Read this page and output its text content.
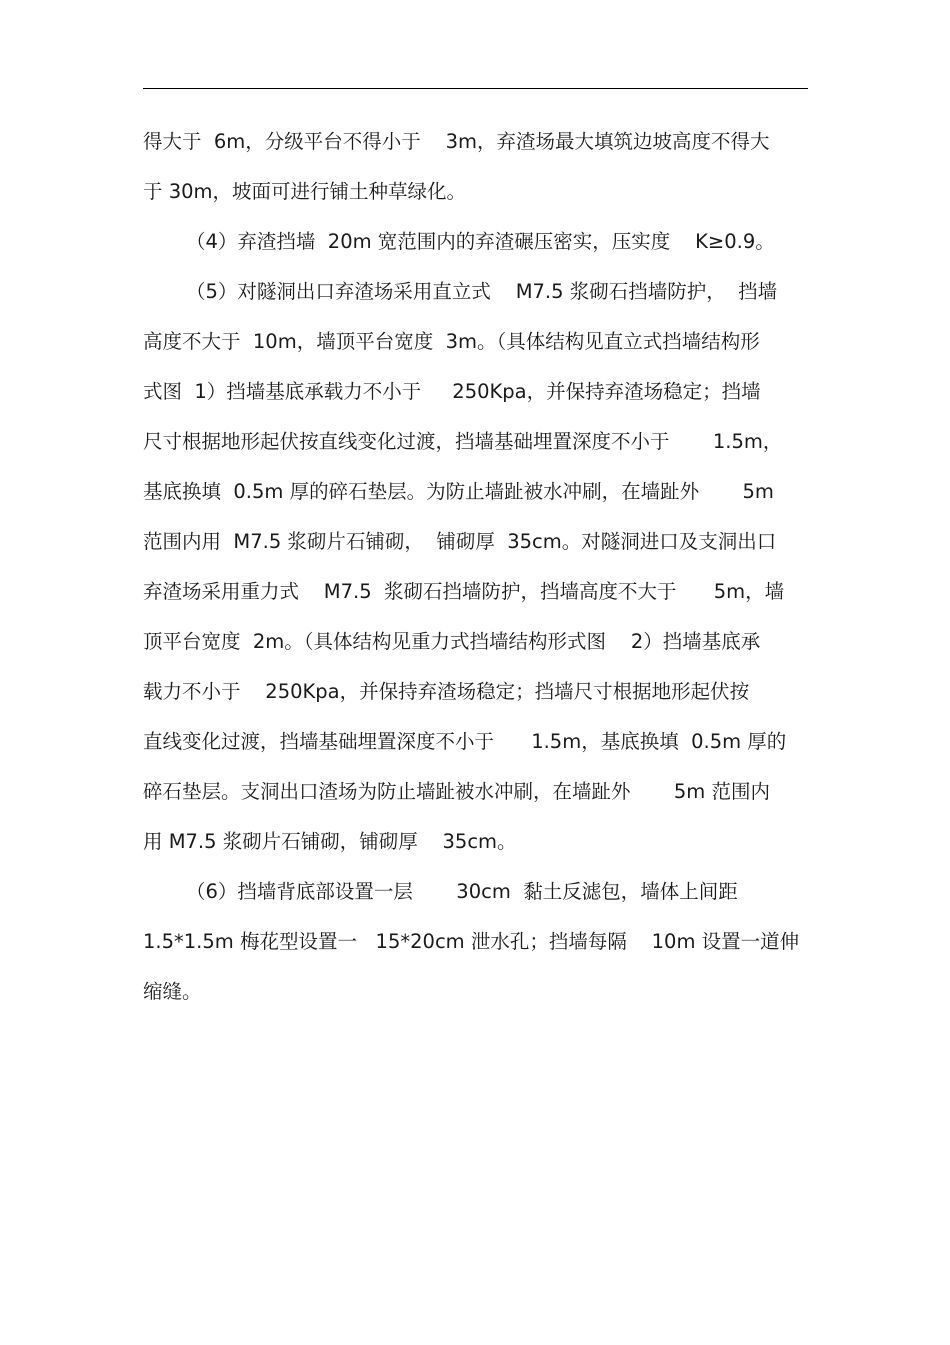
得大于  6m，分级平台不得小于    3m，弃渣场最大填筑边坡高度不得大
于 30m，坡面可进行铺土种草绿化。
（4）弃渣挡墙  20m 宽范围内的弃渣碾压密实，压实度    K≥0.9。
（5）对隧洞出口弃渣场采用直立式    M7.5 浆砌石挡墙防护，  挡墙
高度不大于  10m，墙顶平台宽度  3m。（具体结构见直立式挡墙结构形
式图  1）挡墙基底承载力不小于     250Kpa，并保持弃渣场稳定；挡墙
尺寸根据地形起伏按直线变化过渡，挡墙基础埋置深度不小于       1.5m，
基底换填  0.5m 厚的碎石垫层。为防止墙趾被水冲刷，在墙趾外       5m
范围内用  M7.5 浆砌片石铺砌，  铺砌厚  35cm。对隧洞进口及支洞出口
弃渣场采用重力式    M7.5  浆砌石挡墙防护，挡墙高度不大于      5m，墙
顶平台宽度  2m。（具体结构见重力式挡墙结构形式图    2）挡墙基底承
载力不小于    250Kpa，并保持弃渣场稳定；挡墙尺寸根据地形起伏按
直线变化过渡，挡墙基础埋置深度不小于      1.5m，基底换填  0.5m 厚的
碎石垫层。支洞出口渣场为防止墙趾被水冲刷，在墙趾外       5m 范围内
用 M7.5 浆砌片石铺砌，铺砌厚    35cm。
（6）挡墙背底部设置一层       30cm  黏土反滤包，墙体上间距
1.5*1.5m 梅花型设置一   15*20cm 泄水孔；挡墙每隔    10m 设置一道伸
缩缝。
